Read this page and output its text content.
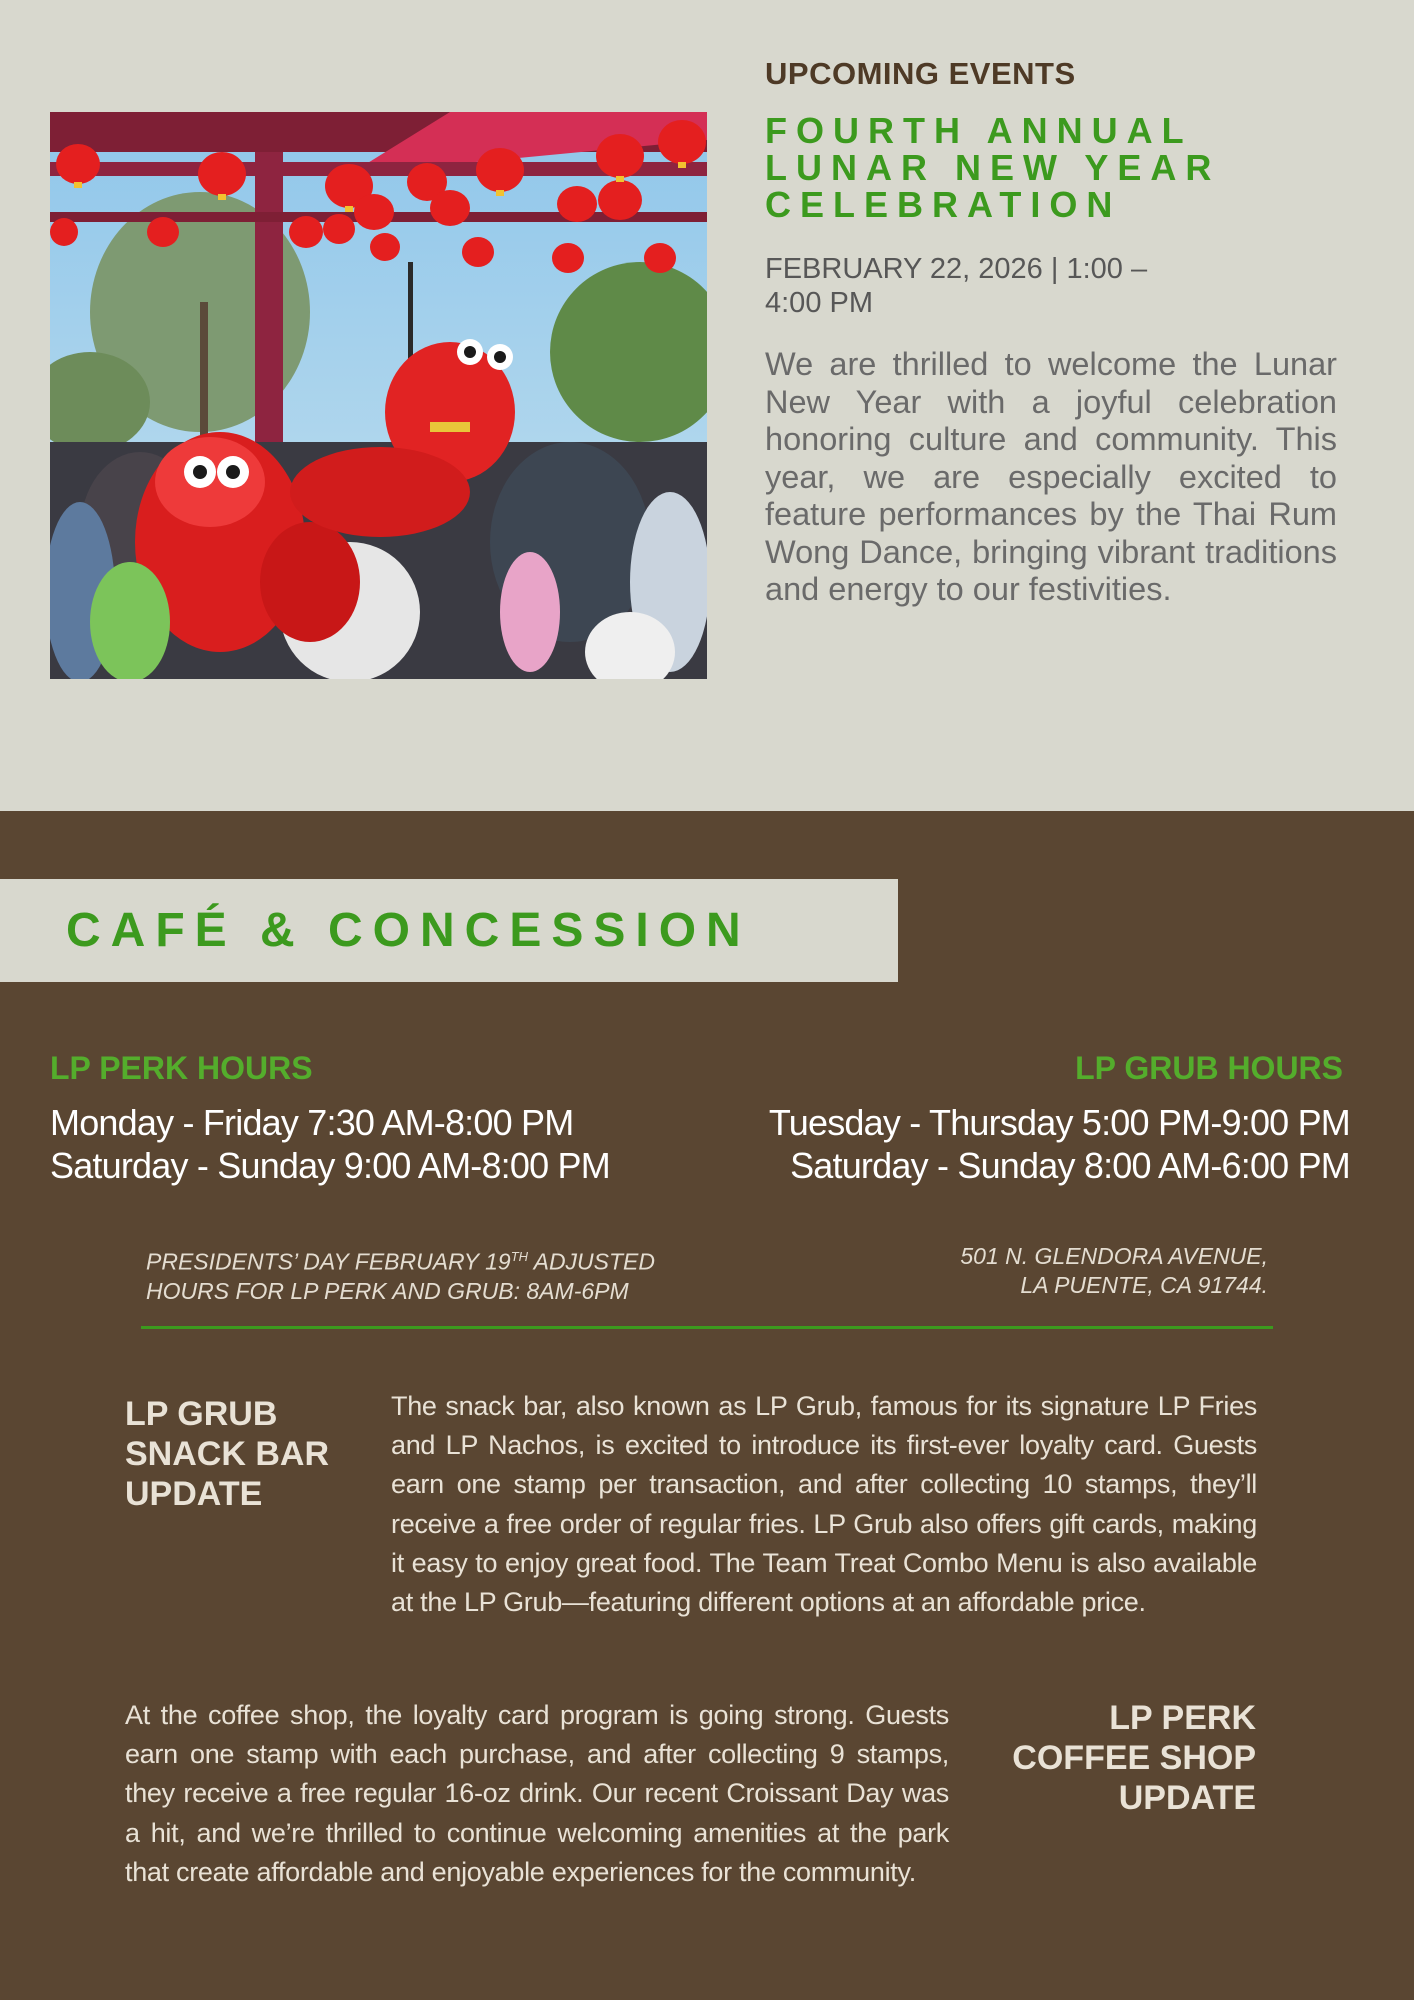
UPCOMING EVENTS
FOURTH ANNUAL
LUNAR NEW YEAR
CELEBRATION

FEBRUARY 22, 2026 | 1:00 – 4:00 PM

We are thrilled to welcome the Lunar New Year with a joyful celebration honoring culture and community. This year, we are especially excited to feature performances by the Thai Rum Wong Dance, bringing vibrant traditions and energy to our festivities.

CAFÉ & CONCESSION
LP PERK HOURS	LP GRUB HOURS
Monday - Friday 7:30 AM-8:00 PM
Saturday - Sunday 9:00 AM-8:00 PM
Tuesday - Thursday 5:00 PM-9:00 PM
Saturday - Sunday 8:00 AM-6:00 PM
PRESIDENTS’ DAY FEBRUARY 19TH ADJUSTED
HOURS FOR LP PERK AND GRUB: 8AM-6PM
501 N. GLENDORA AVENUE,
LA PUENTE, CA 91744.
LP GRUB
SNACK BAR
UPDATE

The snack bar, also known as LP Grub, famous for its signature LP Fries and LP Nachos, is excited to introduce its first-ever loyalty card. Guests earn one stamp per transaction, and after collecting 10 stamps, they’ll receive a free order of regular fries. LP Grub also offers gift cards, making it easy to enjoy great food. The Team Treat Combo Menu is also available at the LP Grub—featuring different options at an affordable price.

At the coffee shop, the loyalty card program is going strong. Guests earn one stamp with each purchase, and after collecting 9 stamps, they receive a free regular 16-oz drink. Our recent Croissant Day was a hit, and we’re thrilled to continue welcoming amenities at the park that create affordable and enjoyable experiences for the community.

LP PERK
COFFEE SHOP
UPDATE
